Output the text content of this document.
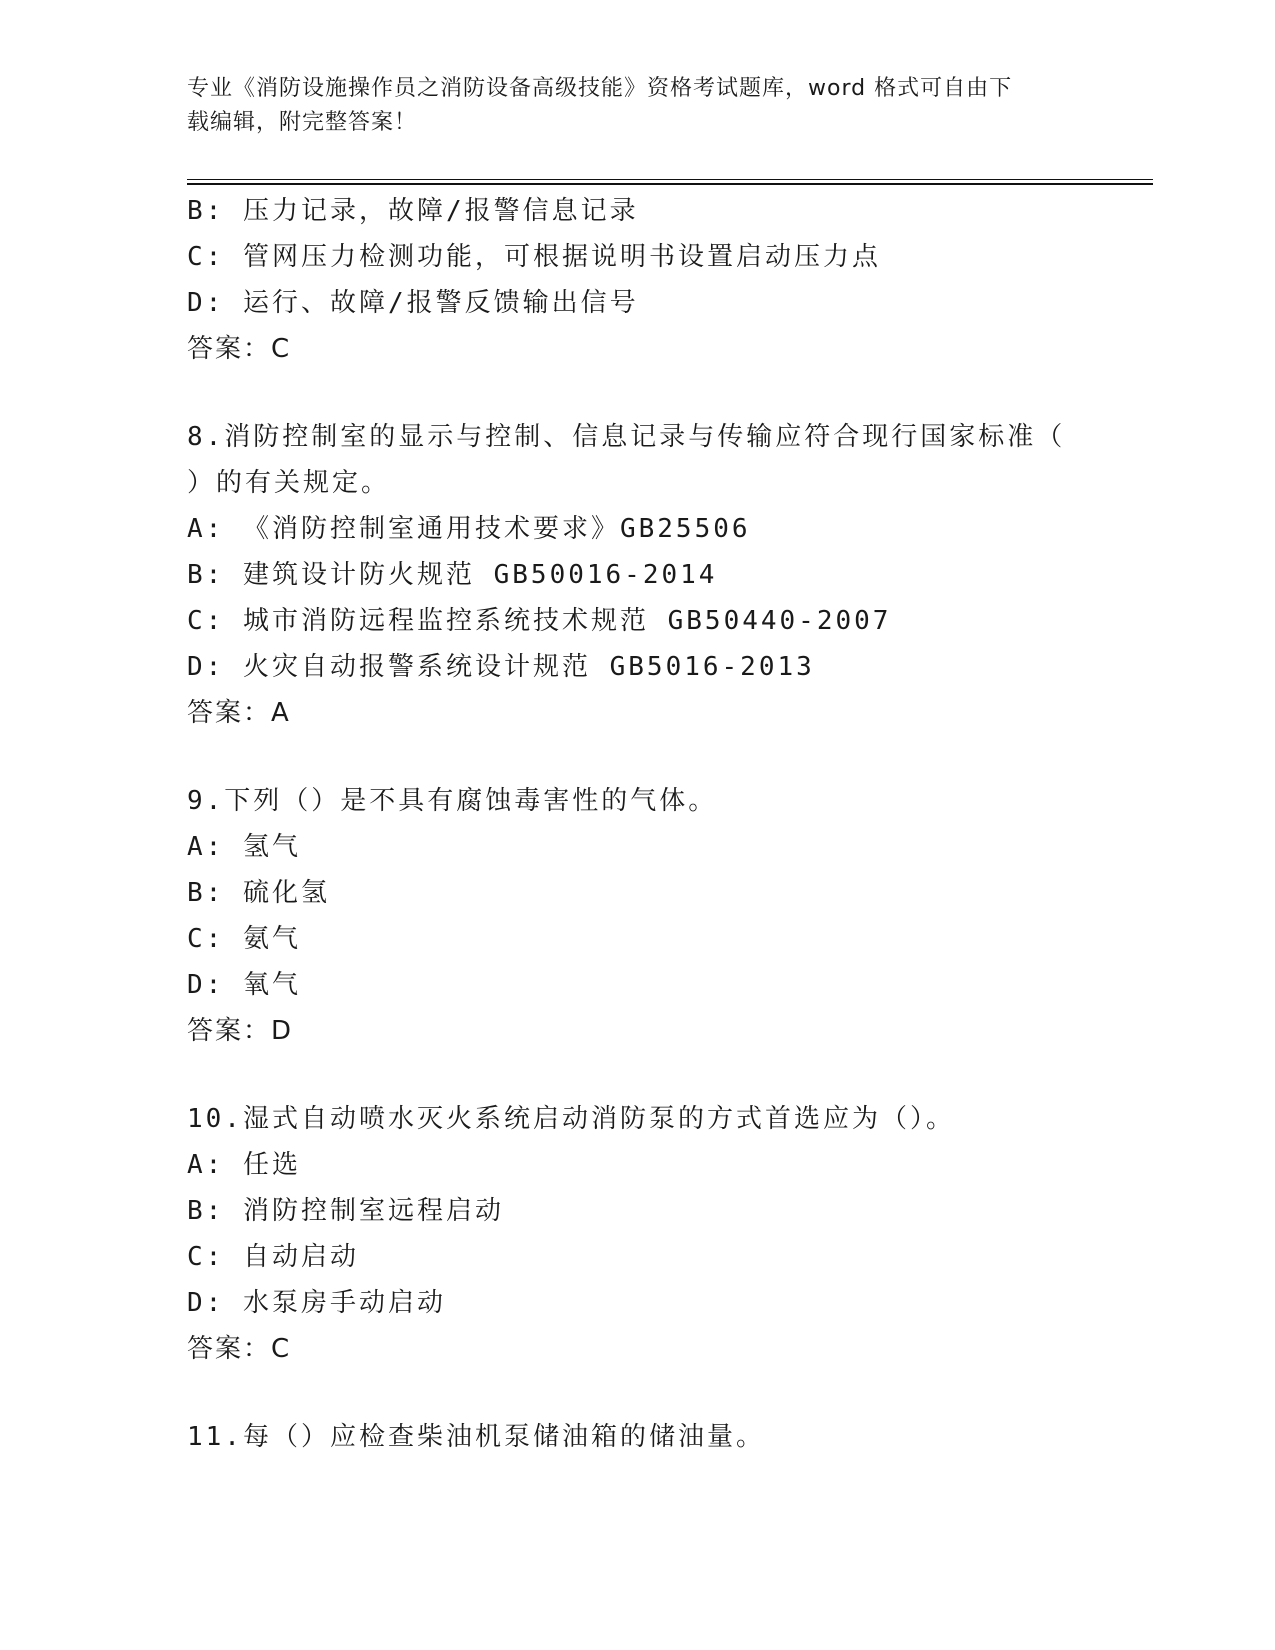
专业《消防设施操作员之消防设备高级技能》资格考试题库，word 格式可自由下
载编辑，附完整答案！
B: 压力记录，故障/报警信息记录
C: 管网压力检测功能，可根据说明书设置启动压力点
D: 运行、故障/报警反馈输出信号
答案：C
8.消防控制室的显示与控制、信息记录与传输应符合现行国家标准（
）的有关规定。
A: 《消防控制室通用技术要求》GB25506
B: 建筑设计防火规范 GB50016-2014
C: 城市消防远程监控系统技术规范 GB50440-2007
D: 火灾自动报警系统设计规范 GB5016-2013
答案：A
9.下列（）是不具有腐蚀毒害性的气体。
A: 氢气
B: 硫化氢
C: 氨气
D: 氧气
答案：D
10.湿式自动喷水灭火系统启动消防泵的方式首选应为（）。
A: 任选
B: 消防控制室远程启动
C: 自动启动
D: 水泵房手动启动
答案：C
11.每（）应检查柴油机泵储油箱的储油量。
